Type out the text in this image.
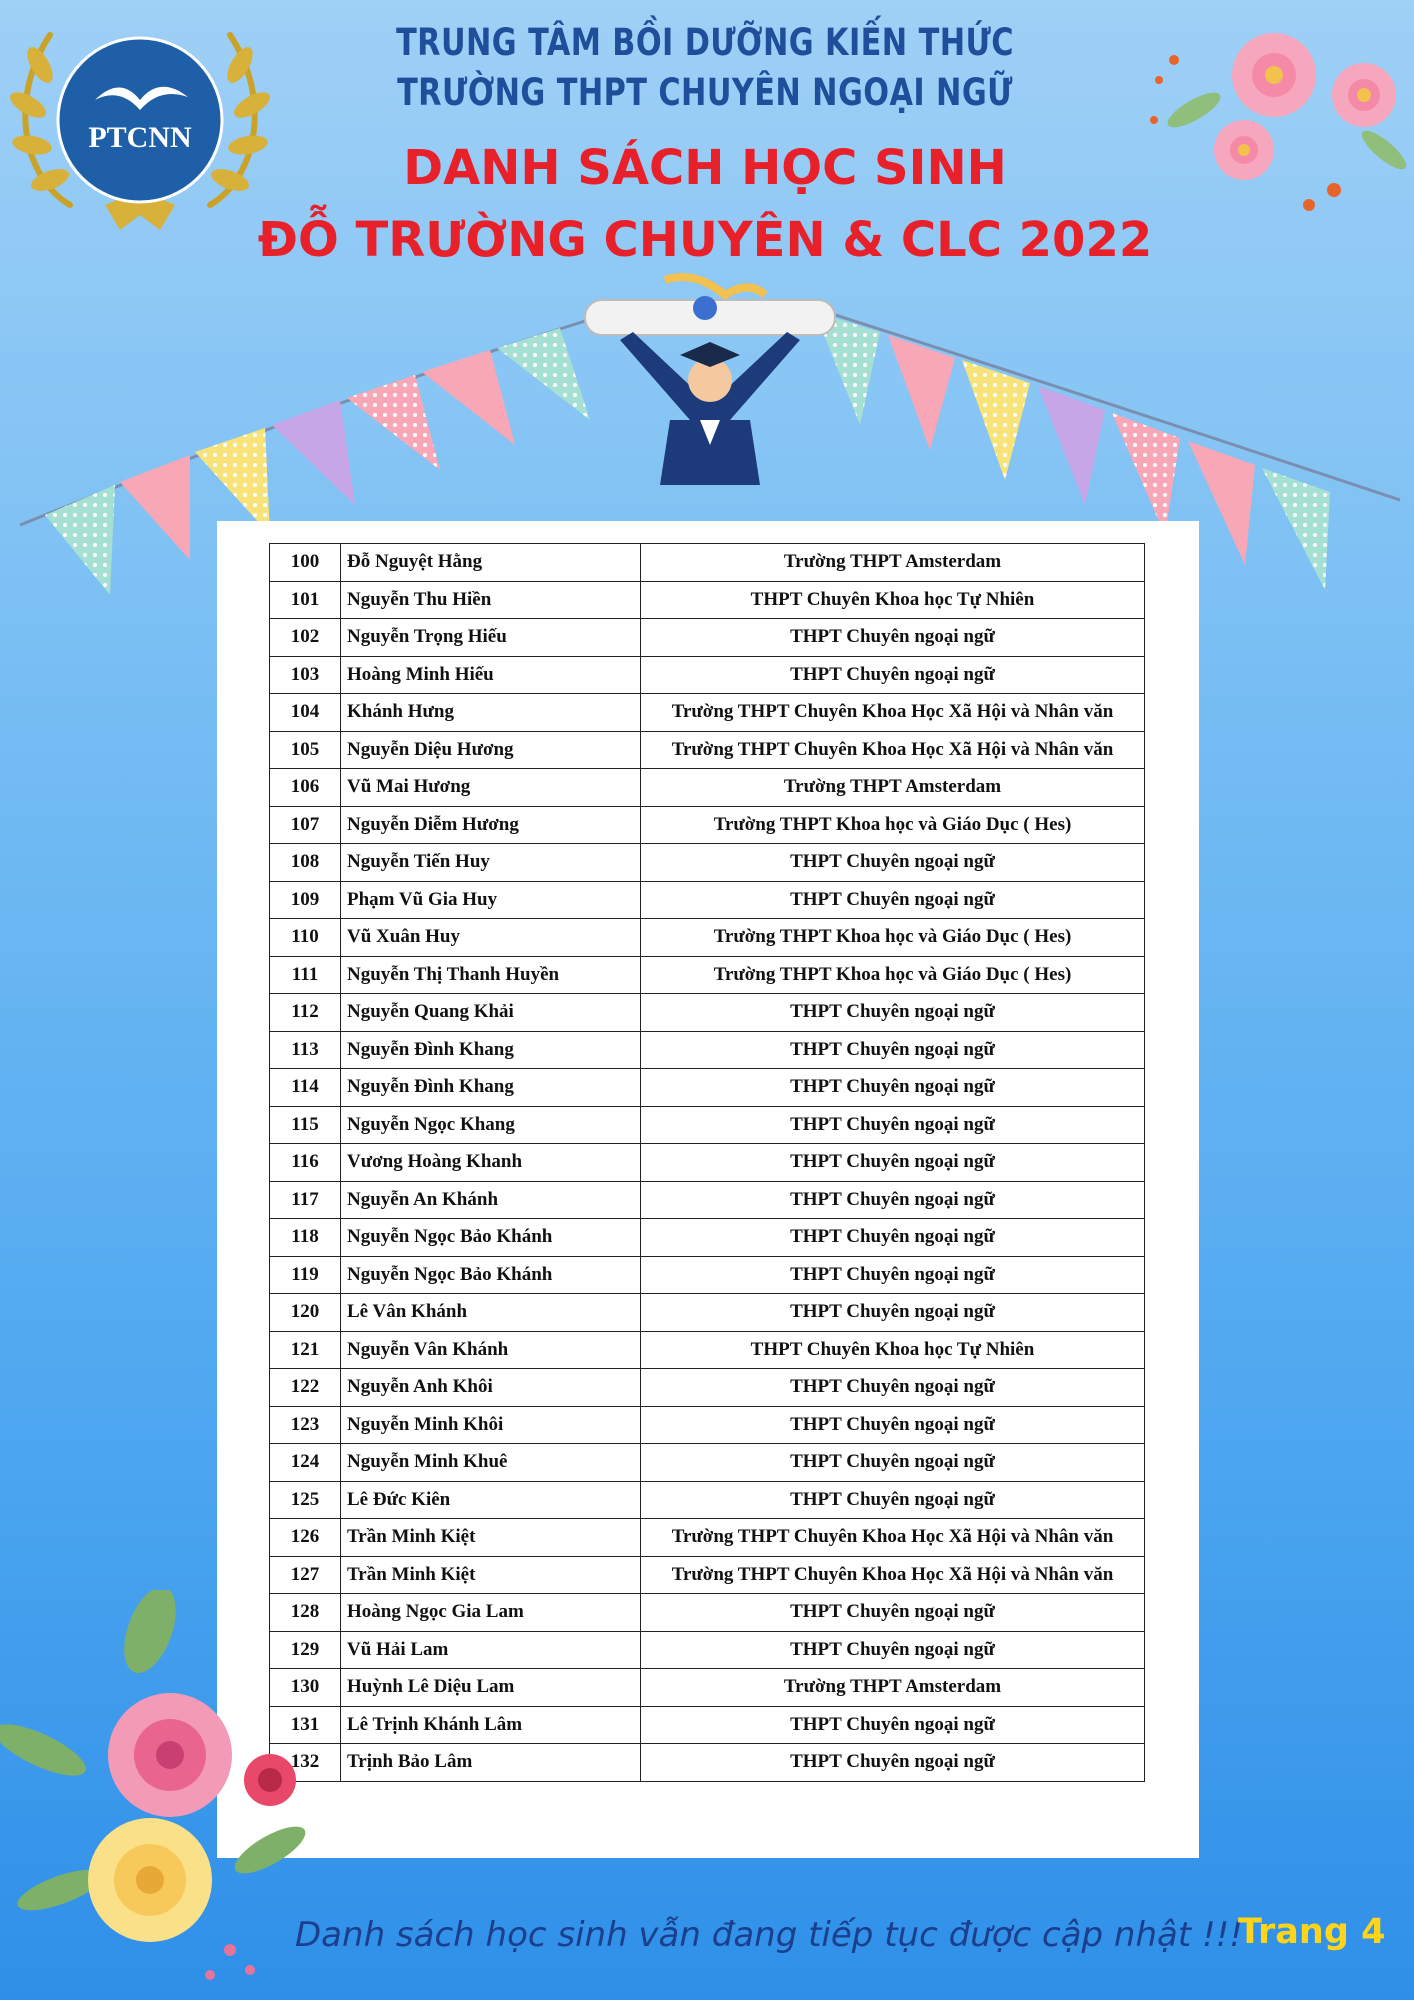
PTCNN
TRUNG TÂM BỒI DƯỠNG KIẾN THỨC
TRƯỜNG THPT CHUYÊN NGOẠI NGỮ
DANH SÁCH HỌC SINH
ĐỖ TRƯỜNG CHUYÊN & CLC 2022
100	Đỗ Nguyệt Hằng	Trường THPT Amsterdam
101	Nguyễn Thu Hiền	THPT Chuyên Khoa học Tự Nhiên
102	Nguyễn Trọng Hiếu	THPT Chuyên ngoại ngữ
103	Hoàng Minh Hiếu	THPT Chuyên ngoại ngữ
104	Khánh Hưng	Trường THPT Chuyên Khoa Học Xã Hội và Nhân văn
105	Nguyễn Diệu Hương	Trường THPT Chuyên Khoa Học Xã Hội và Nhân văn
106	Vũ Mai Hương	Trường THPT Amsterdam
107	Nguyễn Diễm Hương	Trường THPT Khoa học và Giáo Dục ( Hes)
108	Nguyễn Tiến Huy	THPT Chuyên ngoại ngữ
109	Phạm Vũ Gia Huy	THPT Chuyên ngoại ngữ
110	Vũ Xuân Huy	Trường THPT Khoa học và Giáo Dục ( Hes)
111	Nguyễn Thị Thanh Huyền	Trường THPT Khoa học và Giáo Dục ( Hes)
112	Nguyễn Quang Khải	THPT Chuyên ngoại ngữ
113	Nguyễn Đình Khang	THPT Chuyên ngoại ngữ
114	Nguyễn Đình Khang	THPT Chuyên ngoại ngữ
115	Nguyễn Ngọc Khang	THPT Chuyên ngoại ngữ
116	Vương Hoàng Khanh	THPT Chuyên ngoại ngữ
117	Nguyễn An Khánh	THPT Chuyên ngoại ngữ
118	Nguyễn Ngọc Bảo Khánh	THPT Chuyên ngoại ngữ
119	Nguyễn Ngọc Bảo Khánh	THPT Chuyên ngoại ngữ
120	Lê Vân Khánh	THPT Chuyên ngoại ngữ
121	Nguyễn Vân Khánh	THPT Chuyên Khoa học Tự Nhiên
122	Nguyễn Anh Khôi	THPT Chuyên ngoại ngữ
123	Nguyễn Minh Khôi	THPT Chuyên ngoại ngữ
124	Nguyễn Minh Khuê	THPT Chuyên ngoại ngữ
125	Lê Đức Kiên	THPT Chuyên ngoại ngữ
126	Trần Minh Kiệt	Trường THPT Chuyên Khoa Học Xã Hội và Nhân văn
127	Trần Minh Kiệt	Trường THPT Chuyên Khoa Học Xã Hội và Nhân văn
128	Hoàng Ngọc Gia Lam	THPT Chuyên ngoại ngữ
129	Vũ Hải Lam	THPT Chuyên ngoại ngữ
130	Huỳnh Lê Diệu Lam	Trường THPT Amsterdam
131	Lê Trịnh Khánh Lâm	THPT Chuyên ngoại ngữ
132	Trịnh Bảo Lâm	THPT Chuyên ngoại ngữ
Danh sách học sinh vẫn đang tiếp tục được cập nhật !!!
Trang 4
